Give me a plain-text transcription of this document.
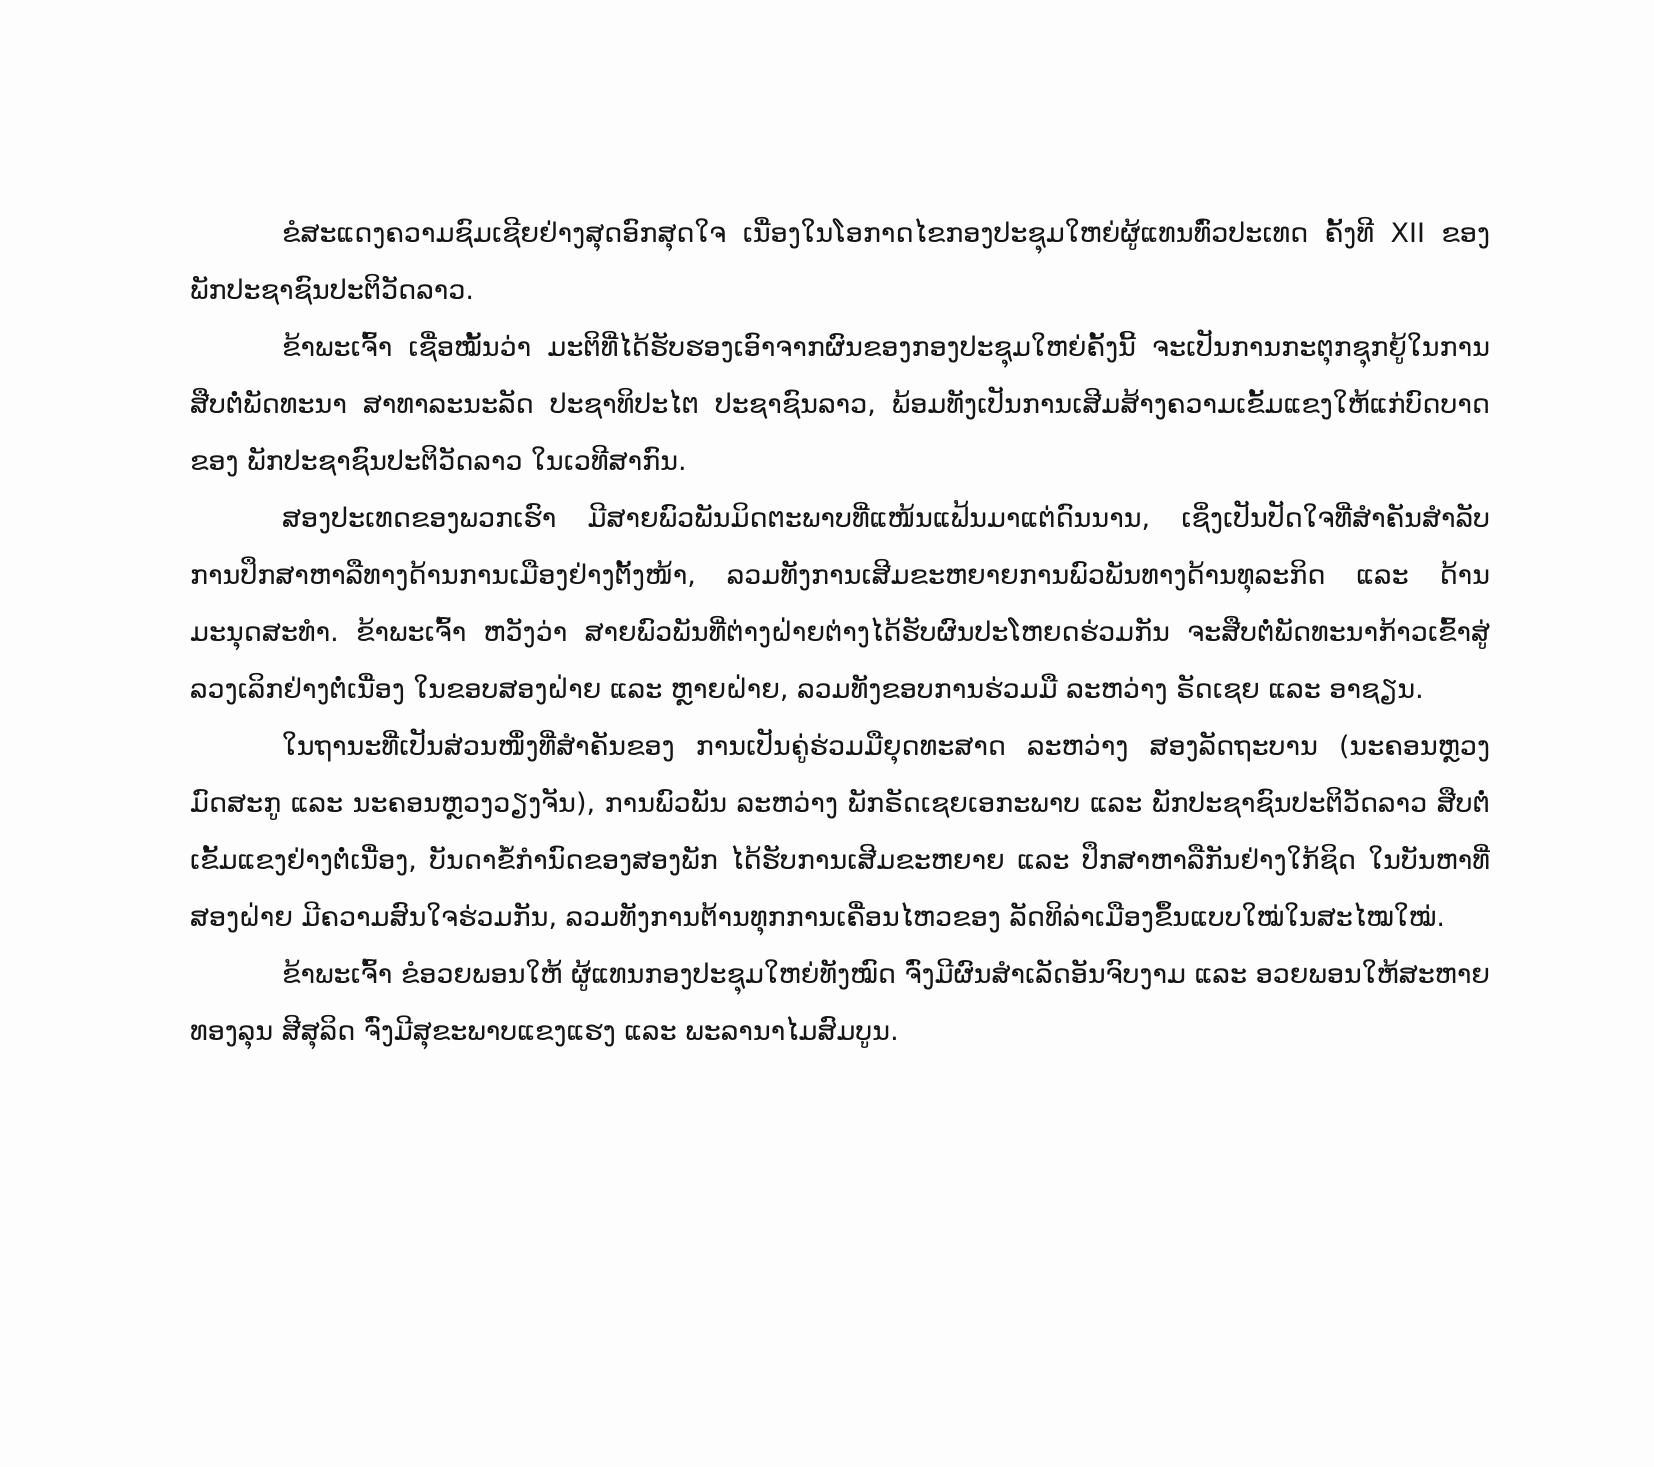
ຂໍສະແດງຄວາມຊົມເຊີຍຢ່າງສຸດອົກສຸດໃຈ ເນື່ອງໃນໂອກາດໄຂກອງປະຊຸມໃຫຍ່ຜູ້ແທນທົ່ວປະເທດ ຄັ້ງທີ XII ຂອງ ພັກປະຊາຊົນປະຕິວັດລາວ.

ຂ້າພະເຈົ້າ ເຊື່ອໝັ້ນວ່າ ມະຕິທີ່ໄດ້ຮັບຮອງເອົາຈາກຜົນຂອງກອງປະຊຸມໃຫຍ່ຄັ້ງນີ້ ຈະເປັນການກະຕຸກຊຸກຍູ້ໃນການສືບຕໍ່ພັດທະນາ ສາທາລະນະລັດ ປະຊາທິປະໄຕ ປະຊາຊົນລາວ, ພ້ອມທັງເປັນການເສີມສ້າງຄວາມເຂັ້ມແຂງໃຫ້ແກ່ບົດບາດຂອງ ພັກປະຊາຊົນປະຕິວັດລາວ ໃນເວທີສາກົນ.

ສອງປະເທດຂອງພວກເຮົາ ມີສາຍພົວພັນມິດຕະພາບທີ່ແໜ້ນແຟ້ນມາແຕ່ດົນນານ, ເຊິ່ງເປັນປັດໃຈທີ່ສຳຄັນສຳລັບການປຶກສາຫາລືທາງດ້ານການເມືອງຢ່າງຕັ້ງໜ້າ, ລວມທັງການເສີມຂະຫຍາຍການພົວພັນທາງດ້ານທຸລະກິດ ແລະ ດ້ານມະນຸດສະທຳ. ຂ້າພະເຈົ້າ ຫວັງວ່າ ສາຍພົວພັນທີ່ຕ່າງຝ່າຍຕ່າງໄດ້ຮັບຜົນປະໂຫຍດຮ່ວມກັນ ຈະສືບຕໍ່ພັດທະນາກ້າວເຂົ້າສູ່ລວງເລິກຢ່າງຕໍ່ເນື່ອງ ໃນຂອບສອງຝ່າຍ ແລະ ຫຼາຍຝ່າຍ, ລວມທັງຂອບການຮ່ວມມື ລະຫວ່າງ ຣັດເຊຍ ແລະ ອາຊຽນ.

ໃນຖານະທີ່ເປັນສ່ວນໜຶ່ງທີ່ສຳຄັນຂອງ ການເປັນຄູ່ຮ່ວມມືຍຸດທະສາດ ລະຫວ່າງ ສອງລັດຖະບານ (ນະຄອນຫຼວງມົດສະກູ ແລະ ນະຄອນຫຼວງວຽງຈັນ), ການພົວພັນ ລະຫວ່າງ ພັກຣັດເຊຍເອກະພາບ ແລະ ພັກປະຊາຊົນປະຕິວັດລາວ ສືບຕໍ່ເຂັ້ມແຂງຢ່າງຕໍ່ເນື່ອງ, ບັນດາຂໍ້ກຳນົດຂອງສອງພັກ ໄດ້ຮັບການເສີມຂະຫຍາຍ ແລະ ປຶກສາຫາລືກັນຢ່າງໃກ້ຊິດ ໃນບັນຫາທີ່ສອງຝ່າຍ ມີຄວາມສົນໃຈຮ່ວມກັນ, ລວມທັງການຕ້ານທຸກການເຄື່ອນໄຫວຂອງ ລັດທິລ່າເມືອງຂຶ້ນແບບໃໝ່ໃນສະໄໝໃໝ່.

ຂ້າພະເຈົ້າ ຂໍອວຍພອນໃຫ້ ຜູ້ແທນກອງປະຊຸມໃຫຍ່ທັງໝົດ ຈົ່ງມີຜົນສຳເລັດອັນຈົບງາມ ແລະ ອວຍພອນໃຫ້ສະຫາຍ ທອງລຸນ ສີສຸລິດ ຈົ່ງມີສຸຂະພາບແຂງແຮງ ແລະ ພະລານາໄມສົມບູນ.
